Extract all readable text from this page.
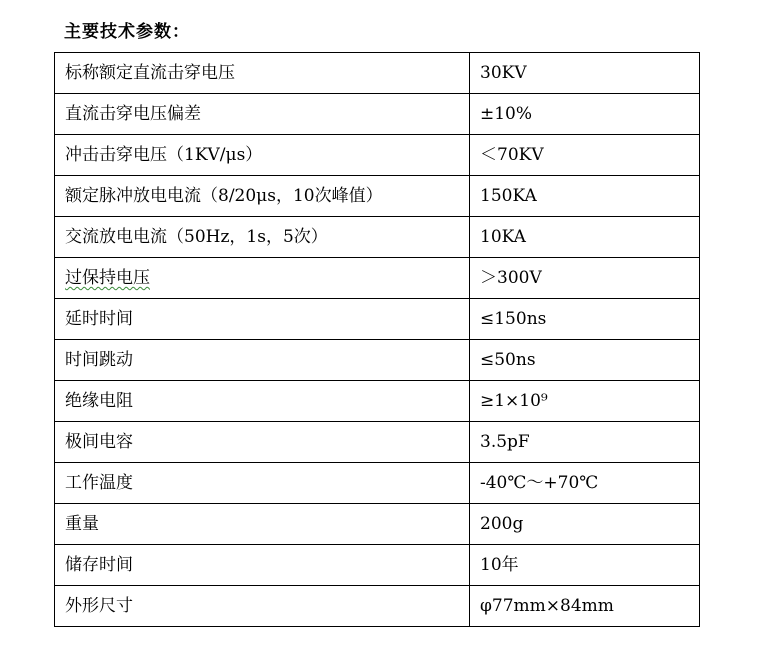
主要技术参数：
标称额定直流击穿电压	30KV
直流击穿电压偏差	±10%
冲击击穿电压（1KV/μs）	＜70KV
额定脉冲放电电流（8/20μs，10次峰值）	150KA
交流放电电流（50Hz，1s，5次）	10KA
过保持电压	＞300V
延时时间	≤150ns
时间跳动	≤50ns
绝缘电阻	≥1×10⁹
极间电容	3.5pF
工作温度	-40℃～+70℃
重量	200g
储存时间	10年
外形尺寸	φ77mm×84mm
